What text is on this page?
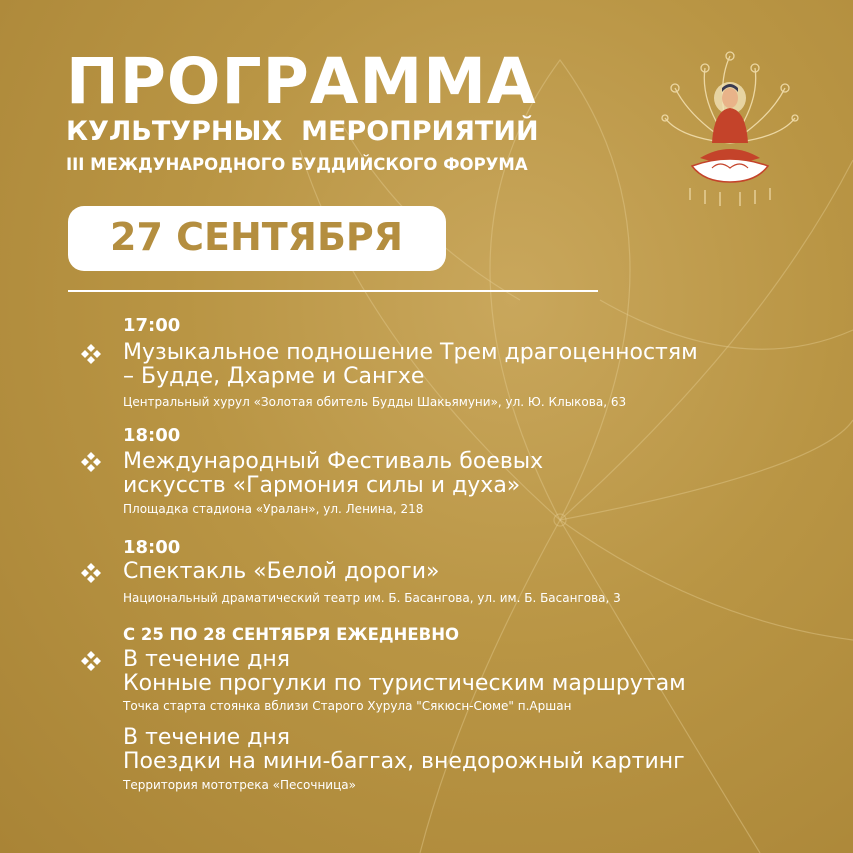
ПРОГРАММА
КУЛЬТУРНЫХ  МЕРОПРИЯТИЙ
III МЕЖДУНАРОДНОГО БУДДИЙСКОГО ФОРУМА
27 СЕНТЯБРЯ
17:00
Музыкальное подношение Трем драгоценностям
– Будде, Дхарме и Сангхе
Центральный хурул «Золотая обитель Будды Шакьямуни», ул. Ю. Клыкова, 63
18:00
Международный Фестиваль боевых
искусств «Гармония силы и духа»
Площадка стадиона «Уралан», ул. Ленина, 218
18:00
Спектакль «Белой дороги»
Национальный драматический театр им. Б. Басангова, ул. им. Б. Басангова, 3
С 25 ПО 28 СЕНТЯБРЯ ЕЖЕДНЕВНО
В течение дня
Конные прогулки по туристическим маршрутам
Точка старта стоянка вблизи Старого Хурула "Сякюсн-Сюме" п.Аршан
В течение дня
Поездки на мини-баггах, внедорожный картинг
Территория мототрека «Песочница»
